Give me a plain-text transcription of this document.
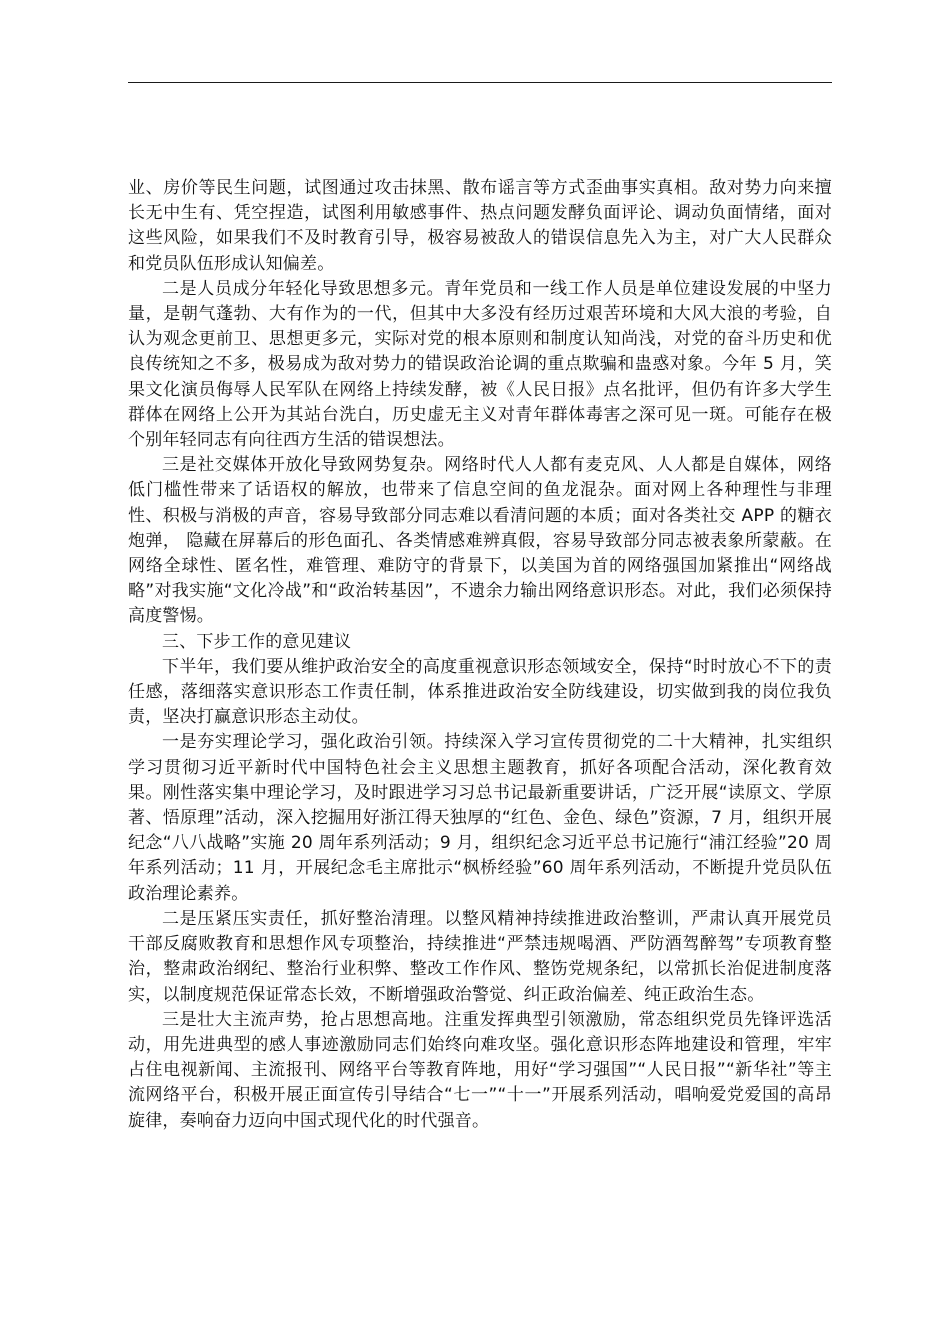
业、房价等民生问题，试图通过攻击抹黑、散布谣言等方式歪曲事实真相。敌对势力向来擅长无中生有、凭空捏造，试图利用敏感事件、热点问题发酵负面评论、调动负面情绪，面对这些风险，如果我们不及时教育引导，极容易被敌人的错误信息先入为主，对广大人民群众和党员队伍形成认知偏差。

二是人员成分年轻化导致思想多元。青年党员和一线工作人员是单位建设发展的中坚力量，是朝气蓬勃、大有作为的一代，但其中大多没有经历过艰苦环境和大风大浪的考验，自认为观念更前卫、思想更多元，实际对党的根本原则和制度认知尚浅，对党的奋斗历史和优良传统知之不多，极易成为敌对势力的错误政治论调的重点欺骗和蛊惑对象。今年 5 月，笑果文化演员侮辱人民军队在网络上持续发酵，被《人民日报》点名批评，但仍有许多大学生群体在网络上公开为其站台洗白，历史虚无主义对青年群体毒害之深可见一斑。可能存在极个别年轻同志有向往西方生活的错误想法。

三是社交媒体开放化导致网势复杂。网络时代人人都有麦克风、人人都是自媒体，网络低门槛性带来了话语权的解放，也带来了信息空间的鱼龙混杂。面对网上各种理性与非理性、积极与消极的声音，容易导致部分同志难以看清问题的本质；面对各类社交 APP 的糖衣炮弹， 隐藏在屏幕后的形色面孔、各类情感难辨真假，容易导致部分同志被表象所蒙蔽。在网络全球性、匿名性，难管理、难防守的背景下，以美国为首的网络强国加紧推出“网络战略”对我实施“文化冷战”和“政治转基因”，不遗余力输出网络意识形态。对此，我们必须保持高度警惕。

三、下步工作的意见建议

下半年，我们要从维护政治安全的高度重视意识形态领域安全，保持“时时放心不下的责任感，落细落实意识形态工作责任制，体系推进政治安全防线建设，切实做到我的岗位我负责，坚决打赢意识形态主动仗。

一是夯实理论学习，强化政治引领。持续深入学习宣传贯彻党的二十大精神，扎实组织学习贯彻习近平新时代中国特色社会主义思想主题教育，抓好各项配合活动，深化教育效果。刚性落实集中理论学习，及时跟进学习习总书记最新重要讲话，广泛开展“读原文、学原著、悟原理”活动，深入挖掘用好浙江得天独厚的“红色、金色、绿色”资源，7 月，组织开展纪念“八八战略”实施 20 周年系列活动；9 月，组织纪念习近平总书记施行“浦江经验”20 周年系列活动；11 月，开展纪念毛主席批示“枫桥经验”60 周年系列活动，不断提升党员队伍政治理论素养。

二是压紧压实责任，抓好整治清理。以整风精神持续推进政治整训，严肃认真开展党员干部反腐败教育和思想作风专项整治，持续推进“严禁违规喝酒、严防酒驾醉驾”专项教育整治，整肃政治纲纪、整治行业积弊、整改工作作风、整饬党规条纪，以常抓长治促进制度落实，以制度规范保证常态长效，不断增强政治警觉、纠正政治偏差、纯正政治生态。

三是壮大主流声势，抢占思想高地。注重发挥典型引领激励，常态组织党员先锋评选活动，用先进典型的感人事迹激励同志们始终向难攻坚。强化意识形态阵地建设和管理，牢牢占住电视新闻、主流报刊、网络平台等教育阵地，用好“学习强国”“人民日报”“新华社”等主流网络平台，积极开展正面宣传引导结合“七一”“十一”开展系列活动，唱响爱党爱国的高昂旋律，奏响奋力迈向中国式现代化的时代强音。
